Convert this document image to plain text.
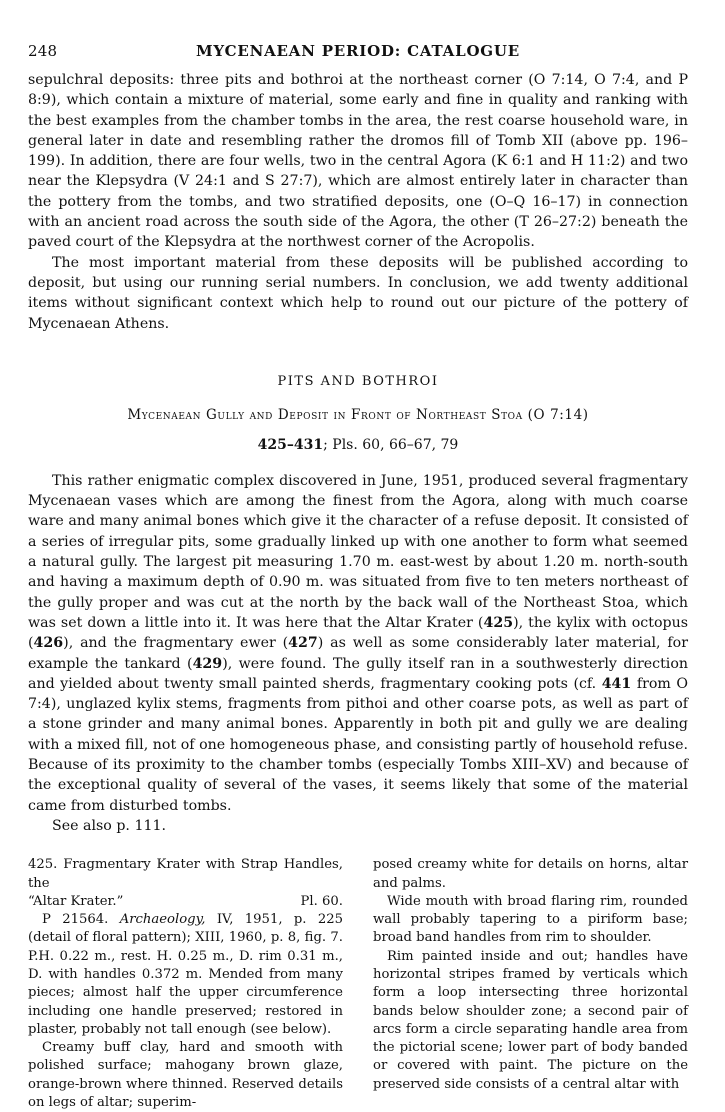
248	MYCENAEAN PERIOD: CATALOGUE

sepulchral deposits: three pits and bothroi at the northeast corner (O 7:14, O 7:4, and P 8:9), which contain a mixture of material, some early and fine in quality and ranking with the best examples from the chamber tombs in the area, the rest coarse household ware, in general later in date and resembling rather the dromos fill of Tomb XII (above pp. 196–199). In addition, there are four wells, two in the central Agora (K 6:1 and H 11:2) and two near the Klepsydra (V 24:1 and S 27:7), which are almost entirely later in character than the pottery from the tombs, and two stratified deposits, one (O–Q 16–17) in connection with an ancient road across the south side of the Agora, the other (T 26–27:2) beneath the paved court of the Klepsydra at the northwest corner of the Acropolis.

The most important material from these deposits will be published according to deposit, but using our running serial numbers. In conclusion, we add twenty additional items without significant context which help to round out our picture of the pottery of Mycenaean Athens.

PITS AND BOTHROI
Mycenaean Gully and Deposit in Front of Northeast Stoa (O 7:14)
425–431; Pls. 60, 66–67, 79

This rather enigmatic complex discovered in June, 1951, produced several fragmentary Mycenaean vases which are among the finest from the Agora, along with much coarse ware and many animal bones which give it the character of a refuse deposit. It consisted of a series of irregular pits, some gradually linked up with one another to form what seemed a natural gully. The largest pit measuring 1.70 m. east-west by about 1.20 m. north-south and having a maximum depth of 0.90 m. was situated from five to ten meters northeast of the gully proper and was cut at the north by the back wall of the Northeast Stoa, which was set down a little into it. It was here that the Altar Krater (425), the kylix with octopus (426), and the fragmentary ewer (427) as well as some considerably later material, for example the tankard (429), were found. The gully itself ran in a southwesterly direction and yielded about twenty small painted sherds, fragmentary cooking pots (cf. 441 from O 7:4), unglazed kylix stems, fragments from pithoi and other coarse pots, as well as part of a stone grinder and many animal bones. Apparently in both pit and gully we are dealing with a mixed fill, not of one homogeneous phase, and consisting partly of household refuse. Because of its proximity to the chamber tombs (especially Tombs XIII–XV) and because of the exceptional quality of several of the vases, it seems likely that some of the material came from disturbed tombs.

See also p. 111.

425. Fragmentary Krater with Strap Handles, the

“Altar Krater.”	Pl. 60.

P 21564. Archaeology, IV, 1951, p. 225 (detail of floral pattern); XIII, 1960, p. 8, fig. 7. P.H. 0.22 m., rest. H. 0.25 m., D. rim 0.31 m., D. with handles 0.372 m. Mended from many pieces; almost half the upper circumference including one handle preserved; restored in plaster, probably not tall enough (see below).

Creamy buff clay, hard and smooth with polished surface; mahogany brown glaze, orange-brown where thinned. Reserved details on legs of altar; superim-

posed creamy white for details on horns, altar and palms.

Wide mouth with broad flaring rim, rounded wall probably tapering to a piriform base; broad band handles from rim to shoulder.

Rim painted inside and out; handles have horizontal stripes framed by verticals which form a loop intersecting three horizontal bands below shoulder zone; a second pair of arcs form a circle separating handle area from the pictorial scene; lower part of body banded or covered with paint. The picture on the preserved side consists of a central altar with
